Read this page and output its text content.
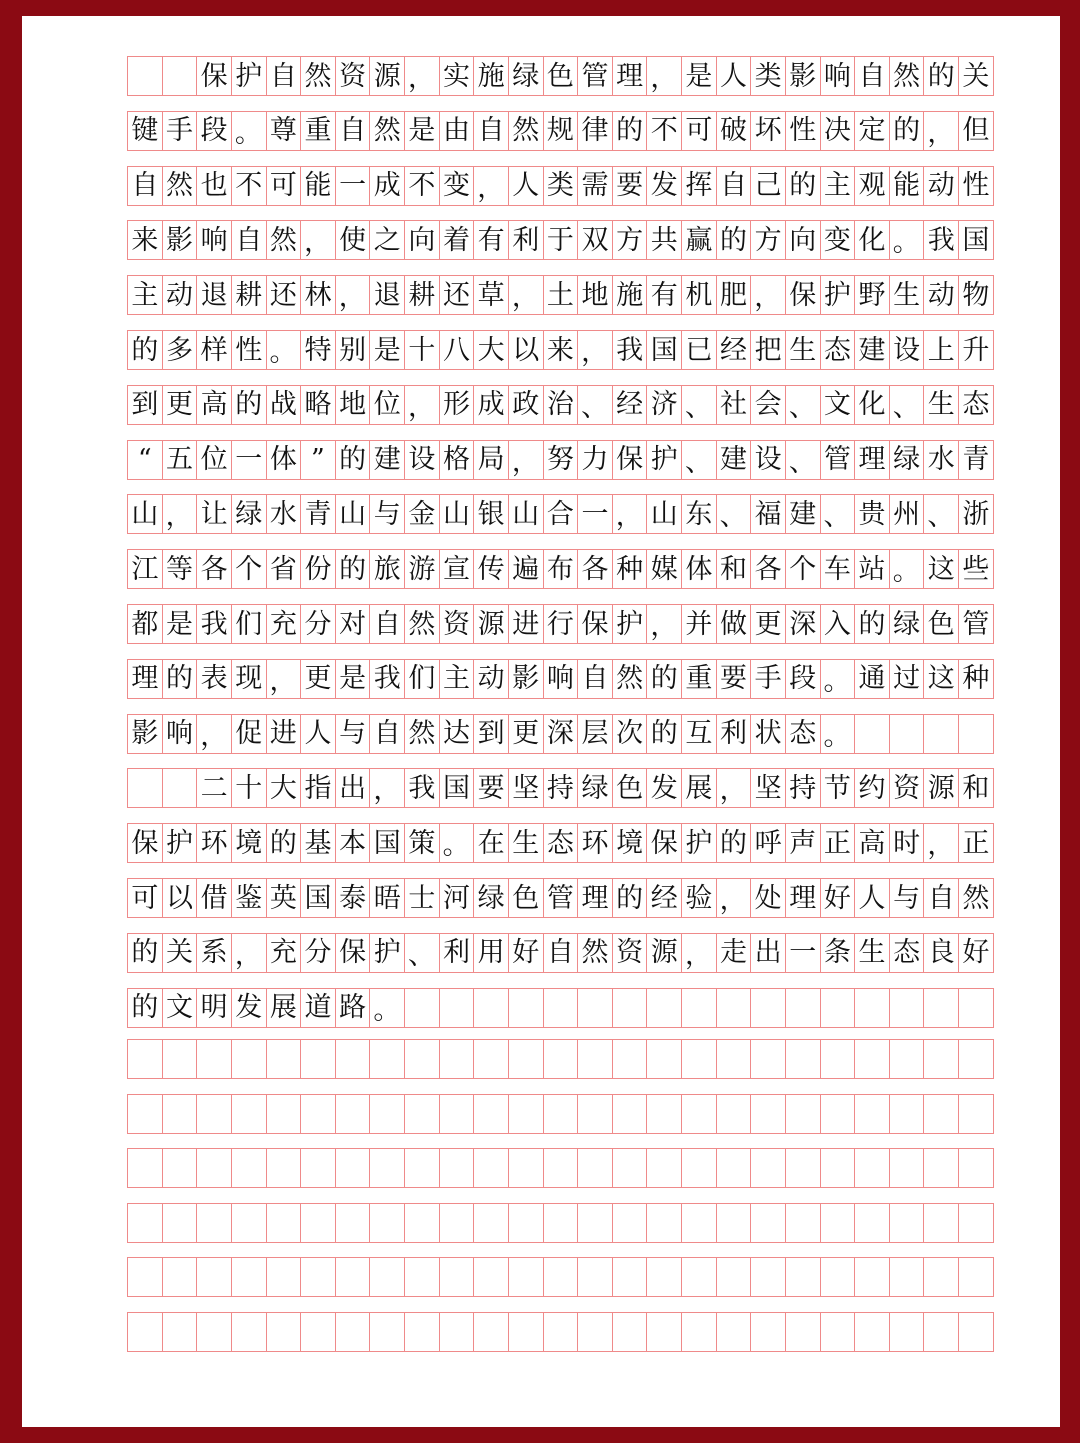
保 护 自 然 资 源 ， 实 施 绿 色 管 理 ， 是 人 类 影 响 自 然 的 关
键 手 段 。 尊 重 自 然 是 由 自 然 规 律 的 不 可 破 坏 性 决 定 的 ， 但
自 然 也 不 可 能 一 成 不 变 ， 人 类 需 要 发 挥 自 己 的 主 观 能 动 性
来 影 响 自 然 ， 使 之 向 着 有 利 于 双 方 共 赢 的 方 向 变 化 。 我 国
主 动 退 耕 还 林 ， 退 耕 还 草 ， 土 地 施 有 机 肥 ， 保 护 野 生 动 物
的 多 样 性 。 特 别 是 十 八 大 以 来 ， 我 国 已 经 把 生 态 建 设 上 升
到 更 高 的 战 略 地 位 ， 形 成 政 治 、 经 济 、 社 会 、 文 化 、 生 态
“ 五 位 一 体 ” 的 建 设 格 局 ， 努 力 保 护 、 建 设 、 管 理 绿 水 青
山 ， 让 绿 水 青 山 与 金 山 银 山 合 一 ， 山 东 、 福 建 、 贵 州 、 浙
江 等 各 个 省 份 的 旅 游 宣 传 遍 布 各 种 媒 体 和 各 个 车 站 。 这 些
都 是 我 们 充 分 对 自 然 资 源 进 行 保 护 ， 并 做 更 深 入 的 绿 色 管
理 的 表 现 ， 更 是 我 们 主 动 影 响 自 然 的 重 要 手 段 。 通 过 这 种
影 响 ， 促 进 人 与 自 然 达 到 更 深 层 次 的 互 利 状 态 。
二 十 大 指 出 ， 我 国 要 坚 持 绿 色 发 展 ， 坚 持 节 约 资 源 和
保 护 环 境 的 基 本 国 策 。 在 生 态 环 境 保 护 的 呼 声 正 高 时 ， 正
可 以 借 鉴 英 国 泰 晤 士 河 绿 色 管 理 的 经 验 ， 处 理 好 人 与 自 然
的 关 系 ， 充 分 保 护 、 利 用 好 自 然 资 源 ， 走 出 一 条 生 态 良 好
的 文 明 发 展 道 路 。
